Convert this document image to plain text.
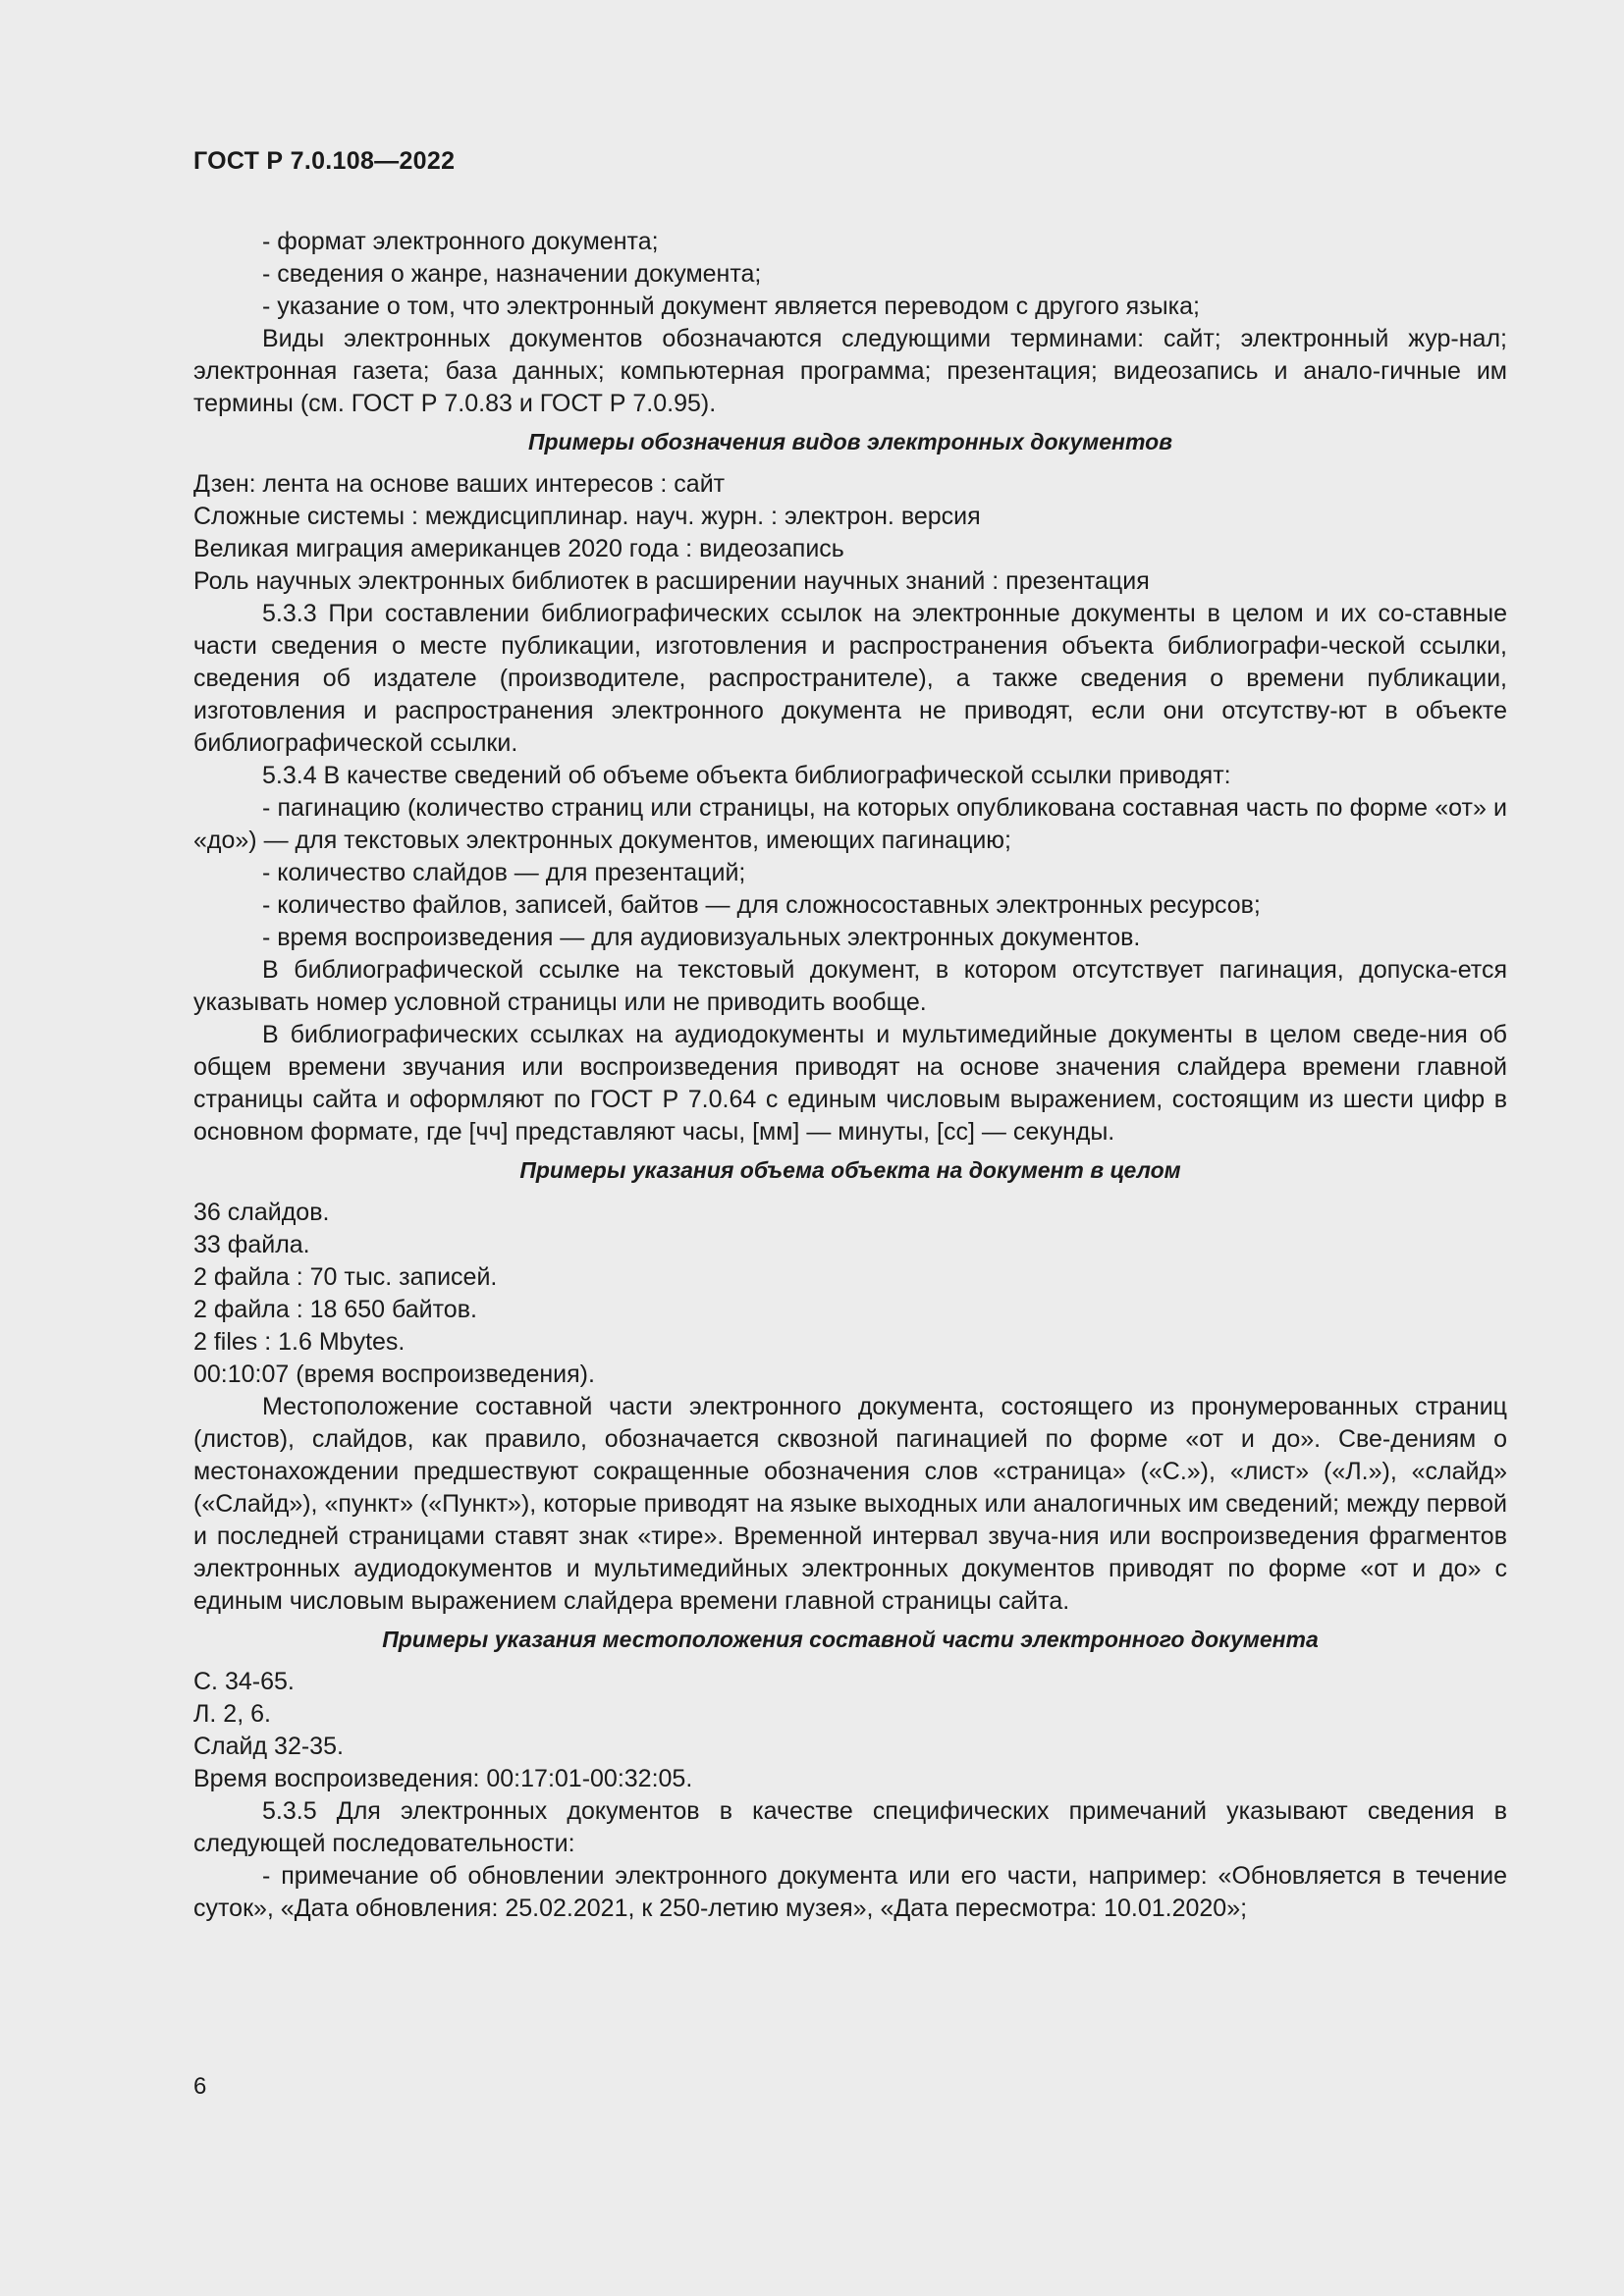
ГОСТ Р 7.0.108—2022

- формат электронного документа;

- сведения о жанре, назначении документа;

- указание о том, что электронный документ является переводом с другого языка;

Виды электронных документов обозначаются следующими терминами: сайт; электронный жур-нал; электронная газета; база данных; компьютерная программа; презентация; видеозапись и анало-гичные им термины (см. ГОСТ Р 7.0.83 и ГОСТ Р 7.0.95).

Примеры обозначения видов электронных документов

Дзен: лента на основе ваших интересов : сайт

Сложные системы : междисциплинар. науч. журн. : электрон. версия

Великая миграция американцев 2020 года : видеозапись

Роль научных электронных библиотек в расширении научных знаний : презентация

5.3.3 При составлении библиографических ссылок на электронные документы в целом и их со-ставные части сведения о месте публикации, изготовления и распространения объекта библиографи-ческой ссылки, сведения об издателе (производителе, распространителе), а также сведения о времени публикации, изготовления и распространения электронного документа не приводят, если они отсутству-ют в объекте библиографической ссылки.

5.3.4 В качестве сведений об объеме объекта библиографической ссылки приводят:

- пагинацию (количество страниц или страницы, на которых опубликована составная часть по форме «от» и «до») — для текстовых электронных документов, имеющих пагинацию;

- количество слайдов — для презентаций;

- количество файлов, записей, байтов — для сложносоставных электронных ресурсов;

- время воспроизведения — для аудиовизуальных электронных документов.

В библиографической ссылке на текстовый документ, в котором отсутствует пагинация, допуска-ется указывать номер условной страницы или не приводить вообще.

В библиографических ссылках на аудиодокументы и мультимедийные документы в целом сведе-ния об общем времени звучания или воспроизведения приводят на основе значения слайдера времени главной страницы сайта и оформляют по ГОСТ Р 7.0.64 с единым числовым выражением, состоящим из шести цифр в основном формате, где [чч] представляют часы, [мм] — минуты, [сс] — секунды.

Примеры указания объема объекта на документ в целом

36 слайдов.

33 файла.

2 файла : 70 тыс. записей.

2 файла : 18 650 байтов.

2 files : 1.6 Mbytes.

00:10:07 (время воспроизведения).

Местоположение составной части электронного документа, состоящего из пронумерованных страниц (листов), слайдов, как правило, обозначается сквозной пагинацией по форме «от и до». Све-дениям о местонахождении предшествуют сокращенные обозначения слов «страница» («С.»), «лист» («Л.»), «слайд» («Слайд»), «пункт» («Пункт»), которые приводят на языке выходных или аналогичных им сведений; между первой и последней страницами ставят знак «тире». Временной интервал звуча-ния или воспроизведения фрагментов электронных аудиодокументов и мультимедийных электронных документов приводят по форме «от и до» с единым числовым выражением слайдера времени главной страницы сайта.

Примеры указания местоположения составной части электронного документа

С. 34-65.

Л. 2, 6.

Слайд 32-35.

Время воспроизведения: 00:17:01-00:32:05.

5.3.5 Для электронных документов в качестве специфических примечаний указывают сведения в следующей последовательности:

- примечание об обновлении электронного документа или его части, например: «Обновляется в течение суток», «Дата обновления: 25.02.2021, к 250-летию музея», «Дата пересмотра: 10.01.2020»;

6
